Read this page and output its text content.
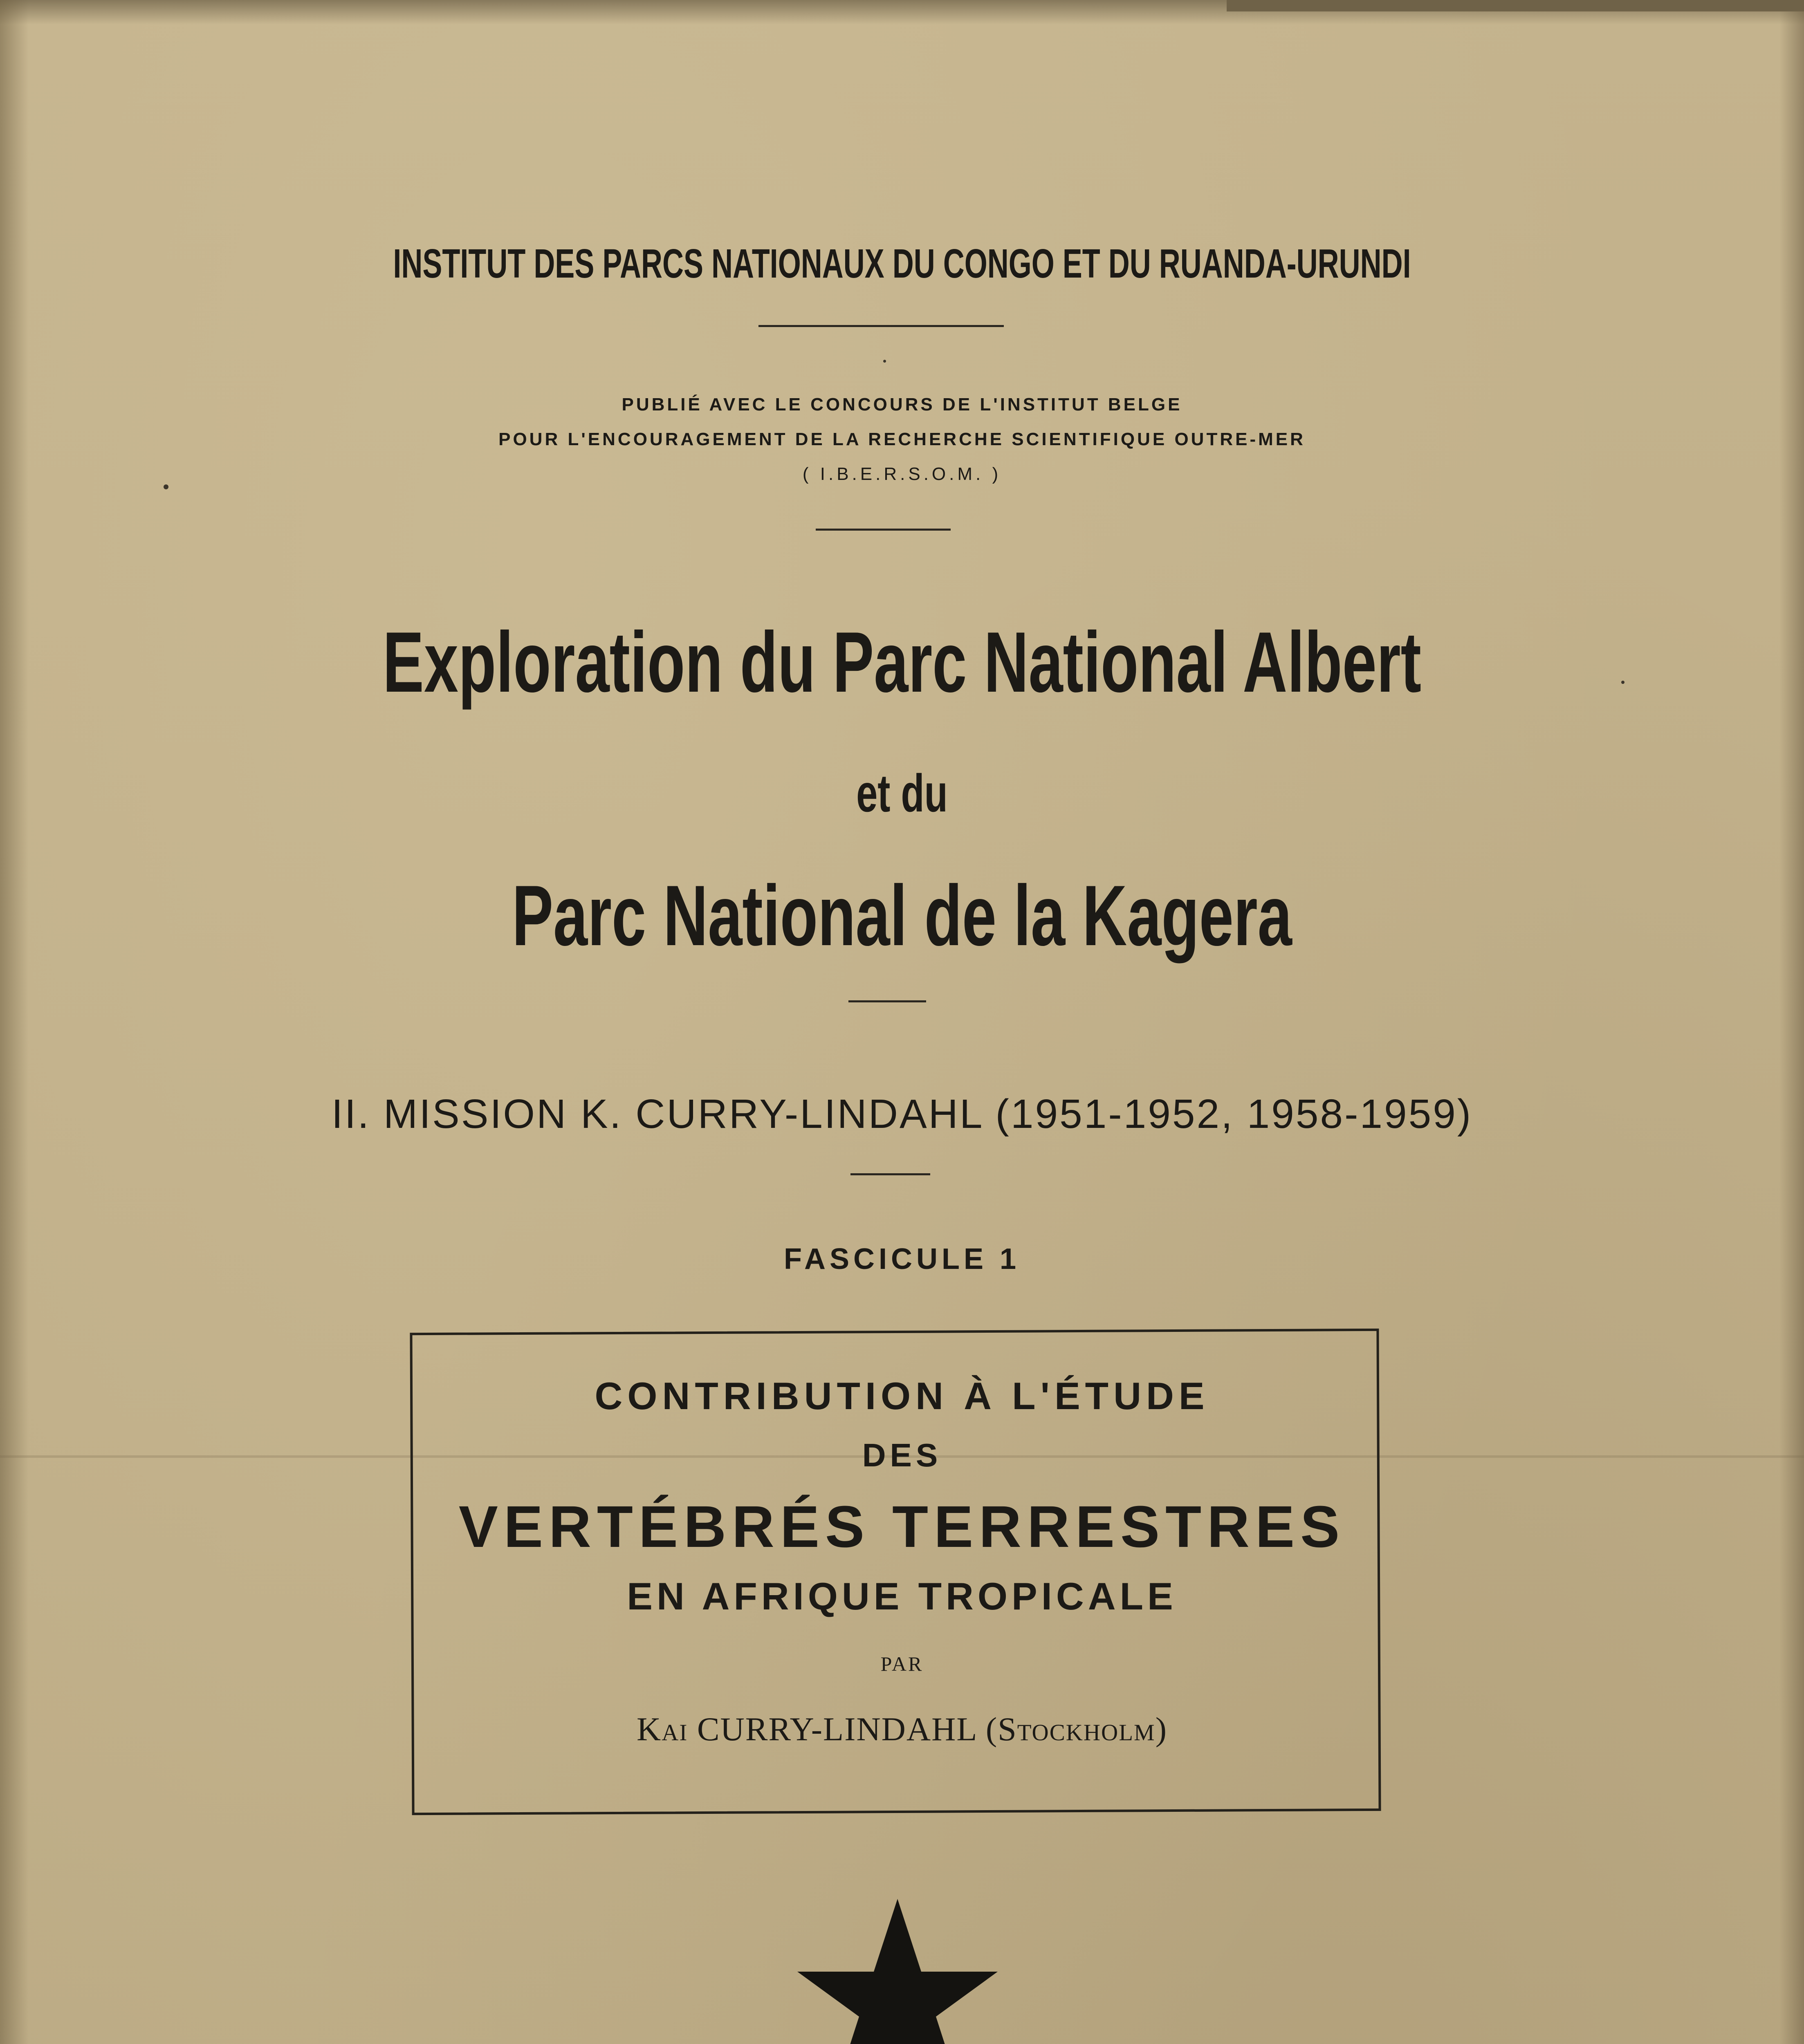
INSTITUT DES PARCS NATIONAUX DU CONGO ET DU RUANDA-URUNDI
PUBLIÉ AVEC LE CONCOURS DE L'INSTITUT BELGE
POUR L'ENCOURAGEMENT DE LA RECHERCHE SCIENTIFIQUE OUTRE-MER
( I.B.E.R.S.O.M. )
Exploration du Parc National Albert
et du
Parc National de la Kagera
II. MISSION K. CURRY-LINDAHL (1951-1952, 1958-1959)
FASCICULE 1
CONTRIBUTION À L'ÉTUDE
DES
VERTÉBRÉS TERRESTRES
EN AFRIQUE TROPICALE
PAR
Kai CURRY-LINDAHL (Stockholm)
